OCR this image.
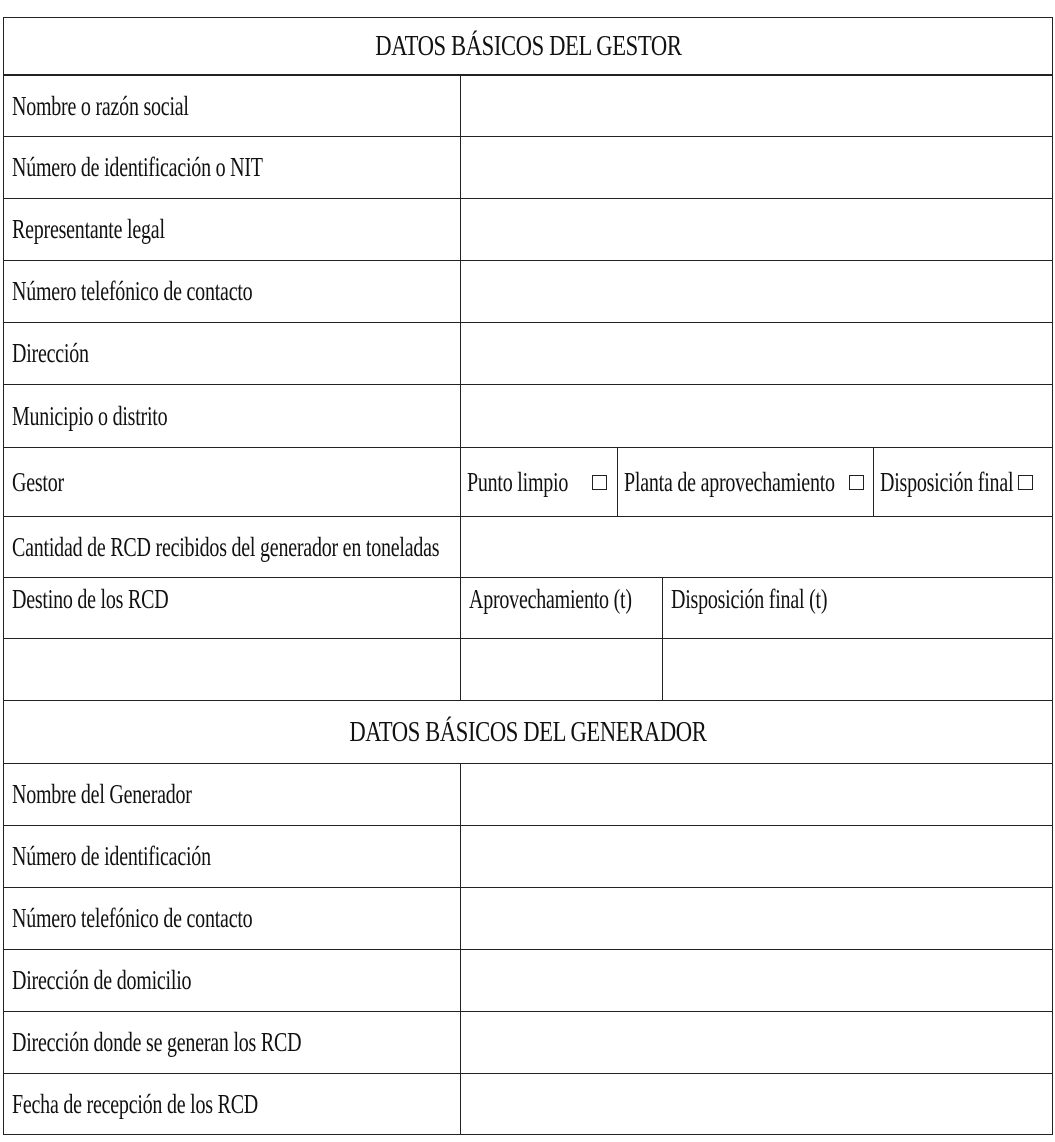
DATOS BÁSICOS DEL GESTOR
Nombre o razón social
Número de identificación o NIT
Representante legal
Número telefónico de contacto
Dirección
Municipio o distrito
Gestor	Punto limpio Planta de aprovechamiento Disposición final
Cantidad de RCD recibidos del generador en toneladas
Destino de los RCD	Aprovechamiento (t) Disposición final (t)
DATOS BÁSICOS DEL GENERADOR
Nombre del Generador
Número de identificación
Número telefónico de contacto
Dirección de domicilio
Dirección donde se generan los RCD
Fecha de recepción de los RCD
